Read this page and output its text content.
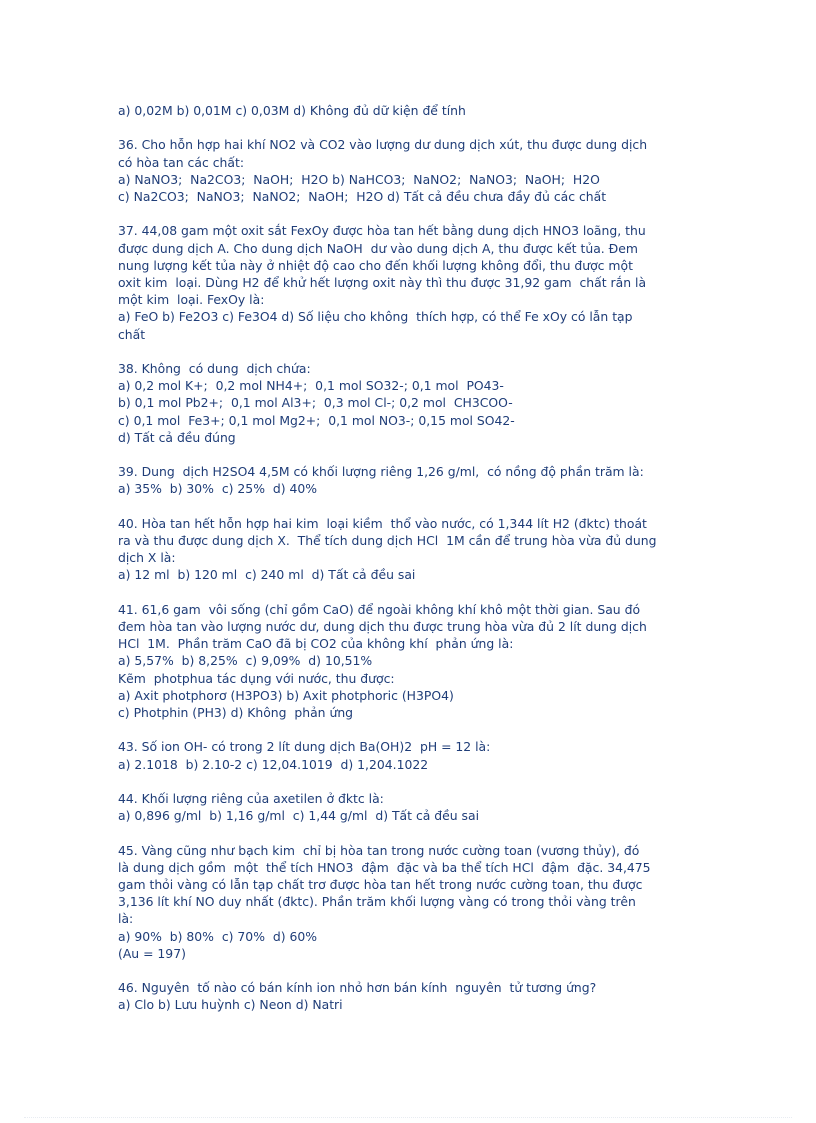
a) 0,02M b) 0,01M c) 0,03M d) Không đủ dữ kiện để tính
36. Cho hỗn hợp hai khí NO2 và CO2 vào lượng dư dung dịch xút, thu được dung dịch
có hòa tan các chất:
a) NaNO3;  Na2CO3;  NaOH;  H2O b) NaHCO3;  NaNO2;  NaNO3;  NaOH;  H2O
c) Na2CO3;  NaNO3;  NaNO2;  NaOH;  H2O d) Tất cả đều chưa đầy đủ các chất
37. 44,08 gam một oxit sắt FexOy được hòa tan hết bằng dung dịch HNO3 loãng, thu
được dung dịch A. Cho dung dịch NaOH  dư vào dung dịch A, thu được kết tủa. Đem
nung lượng kết tủa này ở nhiệt độ cao cho đến khối lượng không đổi, thu được một
oxit kim  loại. Dùng H2 để khử hết lượng oxit này thì thu được 31,92 gam  chất rắn là
một kim  loại. FexOy là:
a) FeO b) Fe2O3 c) Fe3O4 d) Số liệu cho không  thích hợp, có thể Fe xOy có lẫn tạp
chất
38. Không  có dung  dịch chứa:
a) 0,2 mol K+;  0,2 mol NH4+;  0,1 mol SO32-; 0,1 mol  PO43-
b) 0,1 mol Pb2+;  0,1 mol Al3+;  0,3 mol Cl-; 0,2 mol  CH3COO-
c) 0,1 mol  Fe3+; 0,1 mol Mg2+;  0,1 mol NO3-; 0,15 mol SO42-
d) Tất cả đều đúng
39. Dung  dịch H2SO4 4,5M có khối lượng riêng 1,26 g/ml,  có nồng độ phần trăm là:
a) 35%  b) 30%  c) 25%  d) 40%
40. Hòa tan hết hỗn hợp hai kim  loại kiềm  thổ vào nước, có 1,344 lít H2 (đktc) thoát
ra và thu được dung dịch X.  Thể tích dung dịch HCl  1M cần để trung hòa vừa đủ dung
dịch X là:
a) 12 ml  b) 120 ml  c) 240 ml  d) Tất cả đều sai
41. 61,6 gam  vôi sống (chỉ gồm CaO) để ngoài không khí khô một thời gian. Sau đó
đem hòa tan vào lượng nước dư, dung dịch thu được trung hòa vừa đủ 2 lít dung dịch
HCl  1M.  Phần trăm CaO đã bị CO2 của không khí  phản ứng là:
a) 5,57%  b) 8,25%  c) 9,09%  d) 10,51%
Kẽm  photphua tác dụng với nước, thu được:
a) Axit photphorơ (H3PO3) b) Axit photphoric (H3PO4)
c) Photphin (PH3) d) Không  phản ứng
43. Số ion OH- có trong 2 lít dung dịch Ba(OH)2  pH = 12 là:
a) 2.1018  b) 2.10-2 c) 12,04.1019  d) 1,204.1022
44. Khối lượng riêng của axetilen ở đktc là:
a) 0,896 g/ml  b) 1,16 g/ml  c) 1,44 g/ml  d) Tất cả đều sai
45. Vàng cũng như bạch kim  chỉ bị hòa tan trong nước cường toan (vương thủy), đó
là dung dịch gồm  một  thể tích HNO3  đậm  đặc và ba thể tích HCl  đậm  đặc. 34,475
gam thỏi vàng có lẫn tạp chất trơ được hòa tan hết trong nước cường toan, thu được
3,136 lít khí NO duy nhất (đktc). Phần trăm khối lượng vàng có trong thỏi vàng trên
là:
a) 90%  b) 80%  c) 70%  d) 60%
(Au = 197)
46. Nguyên  tố nào có bán kính ion nhỏ hơn bán kính  nguyên  tử tương ứng?
a) Clo b) Lưu huỳnh c) Neon d) Natri
